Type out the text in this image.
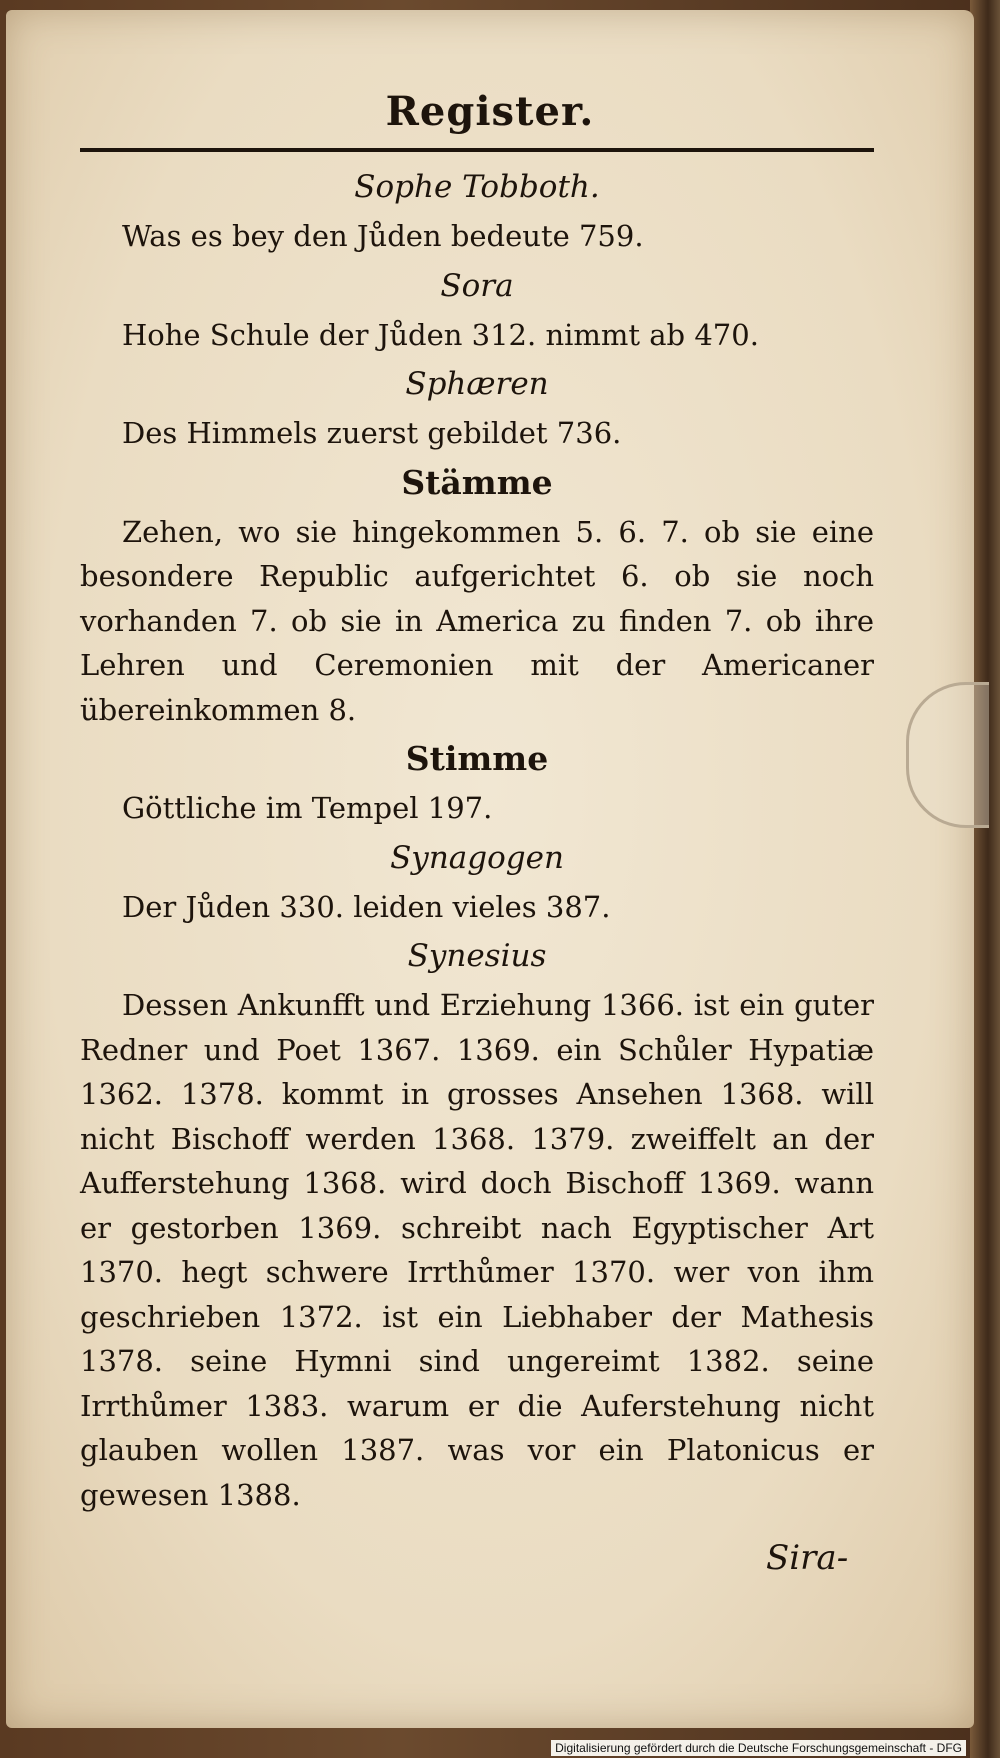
Register.

Sophe Tobboth.

Was es bey den Jůden bedeute 759.

Sora

Hohe Schule der Jůden 312. nimmt ab 470.

Sphæren

Des Himmels zuerst gebildet 736.

Stämme

Zehen, wo sie hingekommen 5. 6. 7. ob sie eine besondere Republic aufgerichtet 6. ob sie noch vorhanden 7. ob sie in America zu finden 7. ob ihre Lehren und Ceremonien mit der Americaner übereinkommen 8.

Stimme

Göttliche im Tempel 197.

Synagogen

Der Jůden 330. leiden vieles 387.

Synesius

Dessen Ankunfft und Erziehung 1366. ist ein guter Redner und Poet 1367. 1369. ein Schůler Hypatiæ 1362. 1378. kommt in grosses Ansehen 1368. will nicht Bischoff werden 1368. 1379. zweiffelt an der Aufferstehung 1368. wird doch Bischoff 1369. wann er gestorben 1369. schreibt nach Egyptischer Art 1370. hegt schwere Irrthůmer 1370. wer von ihm geschrieben 1372. ist ein Liebhaber der Mathesis 1378. seine Hymni sind ungereimt 1382. seine Irrthůmer 1383. warum er die Auferstehung nicht glauben wollen 1387. was vor ein Platonicus er gewesen 1388.

Sira-
Digitalisierung gefördert durch die Deutsche Forschungsgemeinschaft - DFG
